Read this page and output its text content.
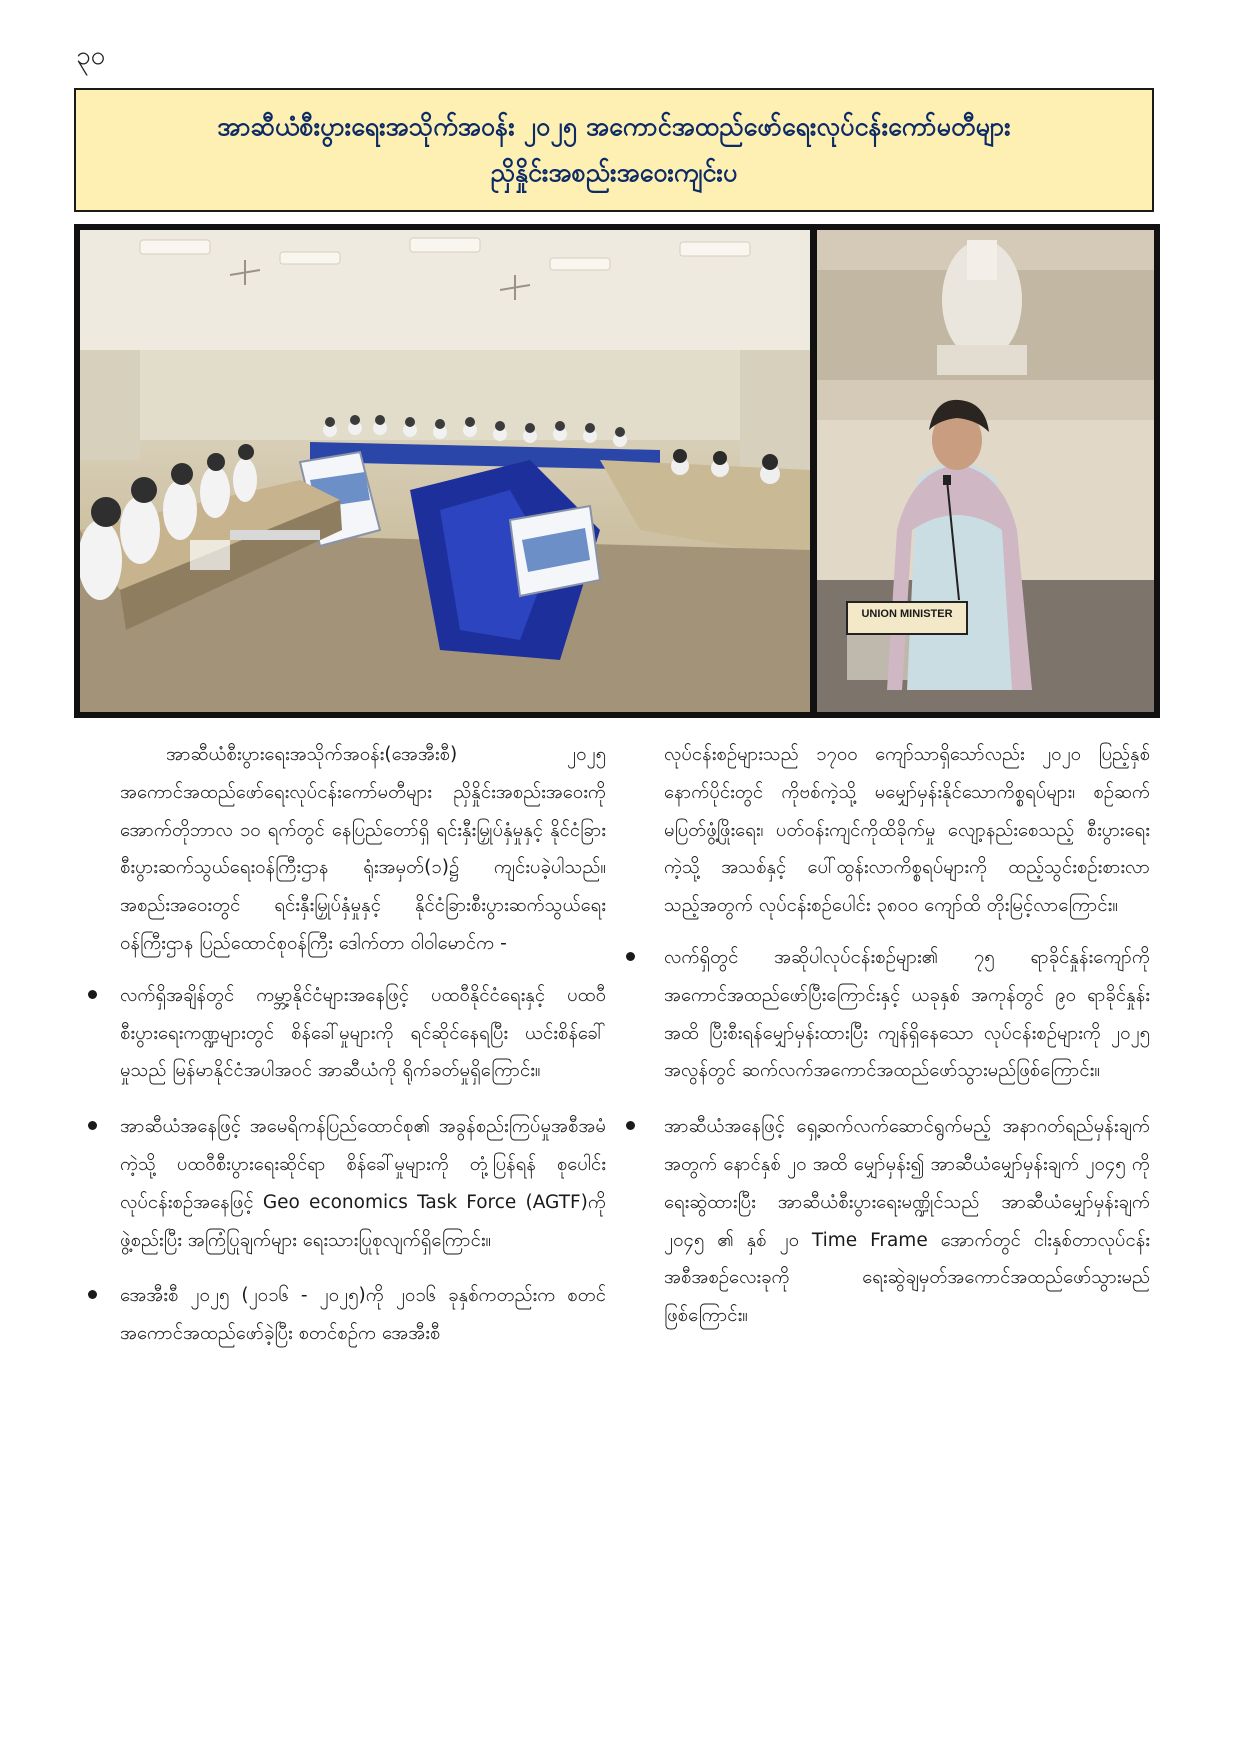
၃၀
အာဆီယံစီးပွားရေးအသိုက်အဝန်း ၂၀၂၅ အကောင်အထည်ဖော်ရေးလုပ်ငန်းကော်မတီများ
ညှိနှိုင်းအစည်းအဝေးကျင်းပ
UNION MINISTER

အာဆီယံစီးပွားရေးအသိုက်အဝန်း(အေအီးစီ) ၂၀၂၅ အကောင်အထည်ဖော်ရေးလုပ်ငန်းကော်မတီများ ညှိနှိုင်းအစည်းအဝေးကို အောက်တိုဘာလ ၁၀ ရက်တွင် နေပြည်တော်ရှိ ရင်းနှီးမြှုပ်နှံမှုနှင့် နိုင်ငံခြားစီးပွားဆက်သွယ်ရေးဝန်ကြီးဌာန ရုံးအမှတ်(၁)၌ ကျင်းပခဲ့ပါသည်။ အစည်းအဝေးတွင် ရင်းနှီးမြှုပ်နှံမှုနှင့် နိုင်ငံခြားစီးပွားဆက်သွယ်ရေးဝန်ကြီးဌာန ပြည်ထောင်စုဝန်ကြီး ဒေါက်တာ ဝါဝါမောင်က -

လက်ရှိအချိန်တွင် ကမ္ဘာ့နိုင်ငံများအနေဖြင့် ပထဝီနိုင်ငံရေးနှင့် ပထဝီစီးပွားရေးကဏ္ဍများတွင် စိန်ခေါ်မှုများကို ရင်ဆိုင်နေရပြီး ယင်းစိန်ခေါ်မှုသည် မြန်မာနိုင်ငံအပါအဝင် အာဆီယံကို ရိုက်ခတ်မှုရှိကြောင်း။
အာဆီယံအနေဖြင့် အမေရိကန်ပြည်ထောင်စု၏ အခွန်စည်းကြပ်မှုအစီအမံကဲ့သို့ ပထဝီစီးပွားရေးဆိုင်ရာ စိန်ခေါ်မှုများကို တုံ့ပြန်ရန် စုပေါင်းလုပ်ငန်းစဉ်အနေဖြင့် Geo economics Task Force (AGTF)ကို ဖွဲ့စည်းပြီး အကြံပြုချက်များ ရေးသားပြုစုလျက်ရှိကြောင်း။
အေအီးစီ ၂၀၂၅ (၂၀၁၆ - ၂၀၂၅)ကို ၂၀၁၆ ခုနှစ်ကတည်းက စတင်အကောင်အထည်ဖော်ခဲ့ပြီး စတင်စဉ်က အေအီးစီ

လုပ်ငန်းစဉ်များသည် ၁၇၀၀ ကျော်သာရှိသော်လည်း ၂၀၂၀ ပြည့်နှစ်နောက်ပိုင်းတွင် ကိုဗစ်ကဲ့သို့ မမျှော်မှန်းနိုင်သောကိစ္စရပ်များ၊ စဉ်ဆက်မပြတ်ဖွံ့ဖြိုးရေး၊ ပတ်ဝန်းကျင်ကိုထိခိုက်မှု လျော့နည်းစေသည့် စီးပွားရေးကဲ့သို့ အသစ်နှင့် ပေါ်ထွန်းလာကိစ္စရပ်များကို ထည့်သွင်းစဉ်းစားလာသည့်အတွက် လုပ်ငန်းစဉ်ပေါင်း ၃၈၀၀ ကျော်ထိ တိုးမြင့်လာကြောင်း။

လက်ရှိတွင် အဆိုပါလုပ်ငန်းစဉ်များ၏ ၇၅ ရာခိုင်နှုန်းကျော်ကို အကောင်အထည်ဖော်ပြီးကြောင်းနှင့် ယခုနှစ် အကုန်တွင် ၉၀ ရာခိုင်နှုန်းအထိ ပြီးစီးရန်မျှော်မှန်းထားပြီး ကျန်ရှိနေသော လုပ်ငန်းစဉ်များကို ၂၀၂၅ အလွန်တွင် ဆက်လက်အကောင်အထည်ဖော်သွားမည်ဖြစ်ကြောင်း။
အာဆီယံအနေဖြင့် ရှေ့ဆက်လက်ဆောင်ရွက်မည့် အနာဂတ်ရည်မှန်းချက်အတွက် နောင်နှစ် ၂၀ အထိ မျှော်မှန်း၍ အာဆီယံမျှော်မှန်းချက် ၂၀၄၅ ကို ရေးဆွဲထားပြီး အာဆီယံစီးပွားရေးမဏ္ဍိုင်သည် အာဆီယံမျှော်မှန်းချက် ၂၀၄၅ ၏ နှစ် ၂၀ Time Frame အောက်တွင် ငါးနှစ်တာလုပ်ငန်းအစီအစဉ်လေးခုကို ရေးဆွဲချမှတ်အကောင်အထည်ဖော်သွားမည်ဖြစ်ကြောင်း။
